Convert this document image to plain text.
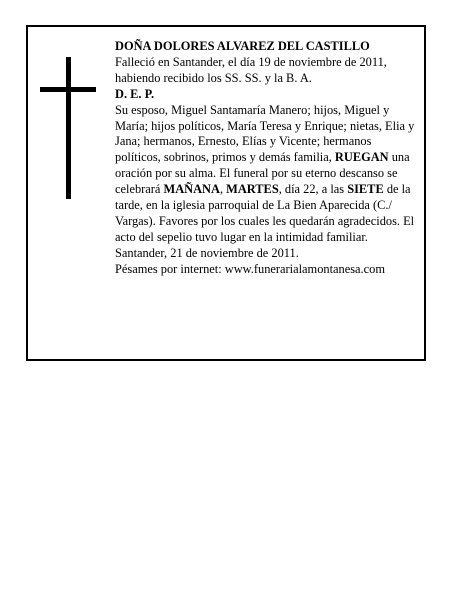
DOÑA DOLORES ALVAREZ DEL CASTILLO

Falleció en Santander, el día 19 de noviembre de 2011, habiendo recibido los SS. SS. y la B. A.

D. E. P.

Su esposo, Miguel Santamaría Manero; hijos, Miguel y María; hijos políticos, María Teresa y Enrique; nietas, Elia y Jana; hermanos, Ernesto, Elías y Vicente; hermanos políticos, sobrinos, primos y demás familia, RUEGAN una oración por su alma. El funeral por su eterno descanso se celebrará MAÑANA, MARTES, día 22, a las SIETE de la tarde, en la iglesia parroquial de La Bien Aparecida (C./ Vargas). Favores por los cuales les quedarán agradecidos. El acto del sepelio tuvo lugar en la intimidad familiar.

Santander, 21 de noviembre de 2011.

Pésames por internet: www.funerarialamontanesa.com
